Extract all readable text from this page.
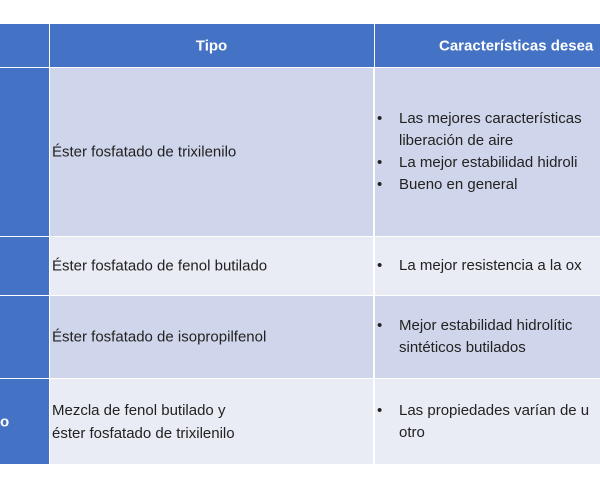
Tipo	Características desea
Éster fosfatado de trixilenilo
• Las mejores características
liberación de aire
• La mejor estabilidad hidroli
• Bueno en general
Éster fosfatado de fenol butilado
•	La mejor resistencia a la ox
Éster fosfatado de isopropilfenol
• Mejor estabilidad hidrolític
sintéticos butilados
o
Mezcla de fenol butilado y
éster fosfatado de trixilenilo
• Las propiedades varían de u
otro
